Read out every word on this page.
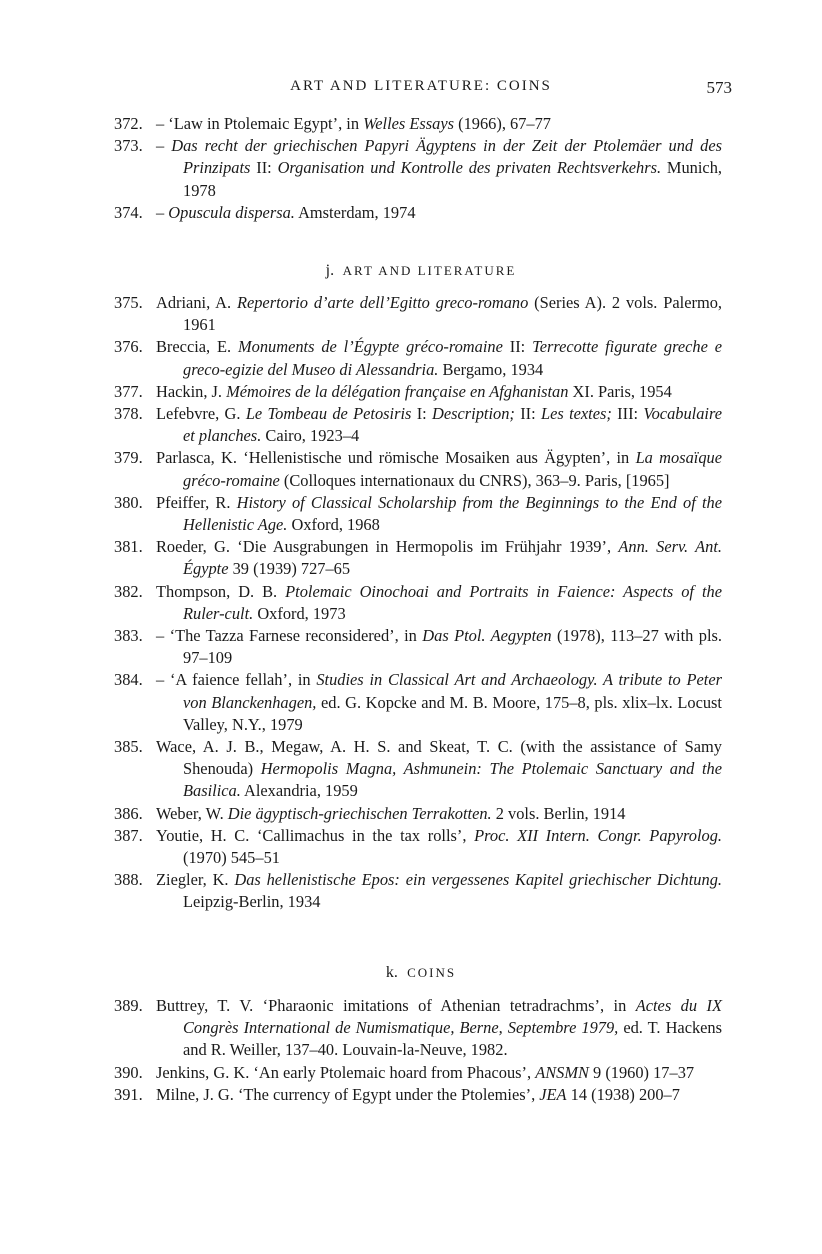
ART AND LITERATURE: COINS	573
372. – ‘Law in Ptolemaic Egypt’, in Welles Essays (1966), 67–77
373. – Das recht der griechischen Papyri Ägyptens in der Zeit der Ptolemäer und des Prinzipats II: Organisation und Kontrolle des privaten Rechtsverkehrs. Munich, 1978
374. – Opuscula dispersa. Amsterdam, 1974
j. ART AND LITERATURE
375. Adriani, A. Repertorio d’arte dell’Egitto greco-romano (Series A). 2 vols. Palermo, 1961
376. Breccia, E. Monuments de l’Égypte gréco-romaine II: Terrecotte figurate greche e greco-egizie del Museo di Alessandria. Bergamo, 1934
377. Hackin, J. Mémoires de la délégation française en Afghanistan XI. Paris, 1954
378. Lefebvre, G. Le Tombeau de Petosiris I: Description; II: Les textes; III: Vocabulaire et planches. Cairo, 1923–4
379. Parlasca, K. ‘Hellenistische und römische Mosaiken aus Ägypten’, in La mosaïque gréco-romaine (Colloques internationaux du CNRS), 363–9. Paris, [1965]
380. Pfeiffer, R. History of Classical Scholarship from the Beginnings to the End of the Hellenistic Age. Oxford, 1968
381. Roeder, G. ‘Die Ausgrabungen in Hermopolis im Frühjahr 1939’, Ann. Serv. Ant. Égypte 39 (1939) 727–65
382. Thompson, D. B. Ptolemaic Oinochoai and Portraits in Faience: Aspects of the Ruler-cult. Oxford, 1973
383. – ‘The Tazza Farnese reconsidered’, in Das Ptol. Aegypten (1978), 113–27 with pls. 97–109
384. – ‘A faience fellah’, in Studies in Classical Art and Archaeology. A tribute to Peter von Blanckenhagen, ed. G. Kopcke and M. B. Moore, 175–8, pls. xlix–lx. Locust Valley, N.Y., 1979
385. Wace, A. J. B., Megaw, A. H. S. and Skeat, T. C. (with the assistance of Samy Shenouda) Hermopolis Magna, Ashmunein: The Ptolemaic Sanctuary and the Basilica. Alexandria, 1959
386. Weber, W. Die ägyptisch-griechischen Terrakotten. 2 vols. Berlin, 1914
387. Youtie, H. C. ‘Callimachus in the tax rolls’, Proc. XII Intern. Congr. Papyrolog. (1970) 545–51
388. Ziegler, K. Das hellenistische Epos: ein vergessenes Kapitel griechischer Dichtung. Leipzig-Berlin, 1934
k. COINS
389. Buttrey, T. V. ‘Pharaonic imitations of Athenian tetradrachms’, in Actes du IX Congrès International de Numismatique, Berne, Septembre 1979, ed. T. Hackens and R. Weiller, 137–40. Louvain-la-Neuve, 1982.
390. Jenkins, G. K. ‘An early Ptolemaic hoard from Phacous’, ANSMN 9 (1960) 17–37
391. Milne, J. G. ‘The currency of Egypt under the Ptolemies’, JEA 14 (1938) 200–7
